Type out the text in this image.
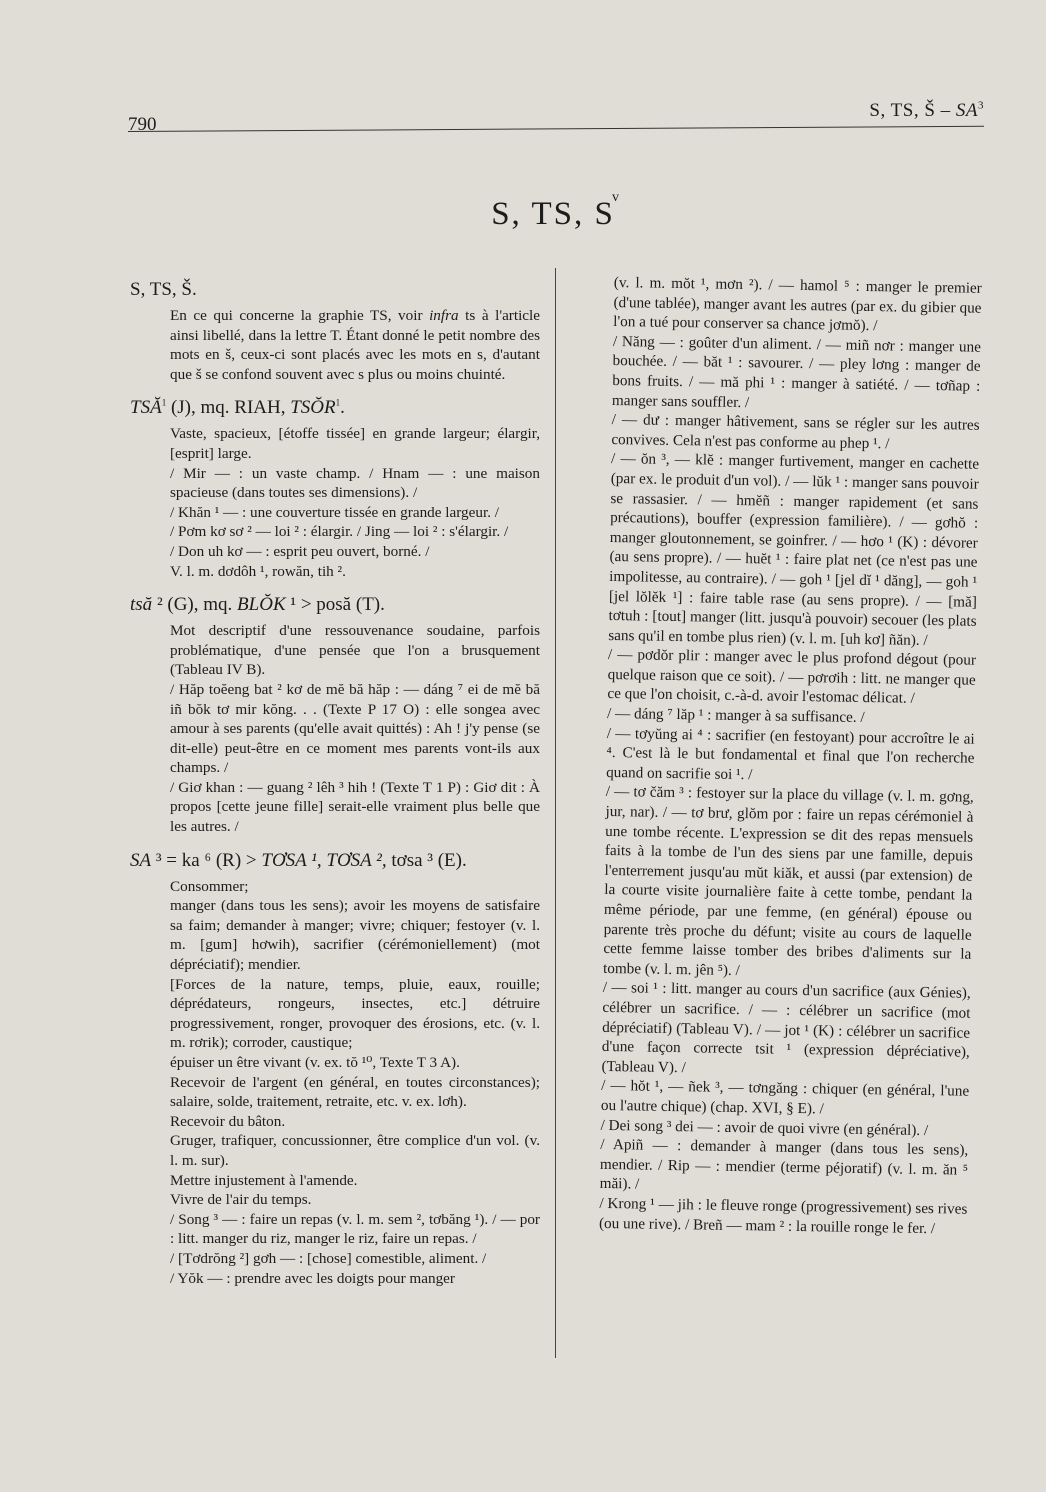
790
S, TS, Š – $SA^3$
S, TS, S
v
S, TS, Š.

En ce qui concerne la graphie TS, voir infra ts à l'article ainsi libellé, dans la lettre T. Étant donné le petit nombre des mots en š, ceux-ci sont placés avec les mots en s, d'autant que š se confond souvent avec s plus ou moins chuinté.

TSĂ$^1$ (J), mq. RIAH, TSŎR$^1$.

Vaste, spacieux, [étoffe tissée] en grande largeur; élargir, [esprit] large.

/ Mir — : un vaste champ. / Hnam — : une maison spacieuse (dans toutes ses dimensions). /

/ Khăn ¹ — : une couverture tissée en grande largeur. /

/ Pơm kơ sơ ² — loi ² : élargir. / Jing — loi ² : s'élargir. /

/ Don uh kơ — : esprit peu ouvert, borné. /

V. l. m. dơdôh ¹, rowăn, tih ².

tsă ² (G), mq. BLŎK ¹ > posă (T).

Mot descriptif d'une ressouvenance soudaine, parfois problématique, d'une pensée que l'on a brusquement (Tableau IV B).

/ Hăp toĕeng bat ² kơ de mĕ bă hăp : — dáng ⁷ ei de mĕ bă iñ bŏk tơ mir kŏng. . . (Texte P 17 O) : elle songea avec amour à ses parents (qu'elle avait quittés) : Ah ! j'y pense (se dit-elle) peut-être en ce moment mes parents vont-ils aux champs. /

/ Giơ khan : — guang ² lêh ³ hih ! (Texte T 1 P) : Giơ dit : À propos [cette jeune fille] serait-elle vraiment plus belle que les autres. /

SA ³ = ka ⁶ (R) > TƠSA ¹, TƠSA ², tơsa ³ (E).

Consommer;

manger (dans tous les sens); avoir les moyens de satisfaire sa faim; demander à manger; vivre; chiquer; festoyer (v. l. m. [gum] hơwih), sacrifier (cérémoniellement) (mot dépréciatif); mendier.

[Forces de la nature, temps, pluie, eaux, rouille; déprédateurs, rongeurs, insectes, etc.] détruire progressivement, ronger, provoquer des érosions, etc. (v. l. m. rơrik); corroder, caustique;

épuiser un être vivant (v. ex. tŏ ¹⁰, Texte T 3 A).

Recevoir de l'argent (en général, en toutes circonstances); salaire, solde, traitement, retraite, etc. v. ex. lơh).

Recevoir du bâton.

Gruger, trafiquer, concussionner, être complice d'un vol. (v. l. m. sur).

Mettre injustement à l'amende.

Vivre de l'air du temps.

/ Song ³ — : faire un repas (v. l. m. sem ², tơbăng ¹). / — por : litt. manger du riz, manger le riz, faire un repas. /

/ [Tơdrŏng ²] gơh — : [chose] comestible, aliment. /

/ Yŏk — : prendre avec les doigts pour manger

(v. l. m. mŏt ¹, mơn ²). / — hamol ⁵ : manger le premier (d'une tablée), manger avant les autres (par ex. du gibier que l'on a tué pour conserver sa chance jơmŏ). /

/ Năng — : goûter d'un aliment. / — miñ nơr : manger une bouchée. / — băt ¹ : savourer. / — pley lơng : manger de bons fruits. / — mă phi ¹ : manger à satiété. / — tơñap : manger sans souffler. /

/ — dư : manger hâtivement, sans se régler sur les autres convives. Cela n'est pas conforme au phep ¹. /

/ — ŏn ³, — klĕ : manger furtivement, manger en cachette (par ex. le produit d'un vol). / — lŭk ¹ : manger sans pouvoir se rassasier. / — hmĕñ : manger rapidement (et sans précautions), bouffer (expression familière). / — gơhŏ : manger gloutonnement, se goinfrer. / — hơo ¹ (K) : dévorer (au sens propre). / — huĕt ¹ : faire plat net (ce n'est pas une impolitesse, au contraire). / — goh ¹ [jel dĭ ¹ dăng], — goh ¹ [jel lŏlĕk ¹] : faire table rase (au sens propre). / — [mă] tơtuh : [tout] manger (litt. jusqu'à pouvoir) secouer (les plats sans qu'il en tombe plus rien) (v. l. m. [uh kơ] ñăn). /

/ — pơdŏr plir : manger avec le plus profond dégout (pour quelque raison que ce soit). / — pơrơih : litt. ne manger que ce que l'on choisit, c.-à-d. avoir l'estomac délicat. /

/ — dáng ⁷ lăp ¹ : manger à sa suffisance. /

/ — tơyŭng ai ⁴ : sacrifier (en festoyant) pour accroître le ai ⁴. C'est là le but fondamental et final que l'on recherche quand on sacrifie soi ¹. /

/ — tơ čăm ³ : festoyer sur la place du village (v. l. m. gơng, jur, nar). / — tơ brư, glŏm por : faire un repas cérémoniel à une tombe récente. L'expression se dit des repas mensuels faits à la tombe de l'un des siens par une famille, depuis l'enterrement jusqu'au mŭt kiăk, et aussi (par extension) de la courte visite journalière faite à cette tombe, pendant la même période, par une femme, (en général) épouse ou parente très proche du défunt; visite au cours de laquelle cette femme laisse tomber des bribes d'aliments sur la tombe (v. l. m. jên ⁵). /

/ — soi ¹ : litt. manger au cours d'un sacrifice (aux Génies), célébrer un sacrifice. / — : célébrer un sacrifice (mot dépréciatif) (Tableau V). / — jot ¹ (K) : célébrer un sacrifice d'une façon correcte tsit ¹ (expression dépréciative), (Tableau V). /

/ — hŏt ¹, — ñek ³, — tơngăng : chiquer (en général, l'une ou l'autre chique) (chap. XVI, § E). /

/ Dei song ³ dei — : avoir de quoi vivre (en général). /

/ Apiñ — : demander à manger (dans tous les sens), mendier. / Rip — : mendier (terme péjoratif) (v. l. m. ăn ⁵ măi). /

/ Krong ¹ — jih : le fleuve ronge (progressivement) ses rives (ou une rive). / Breñ — mam ² : la rouille ronge le fer. /
